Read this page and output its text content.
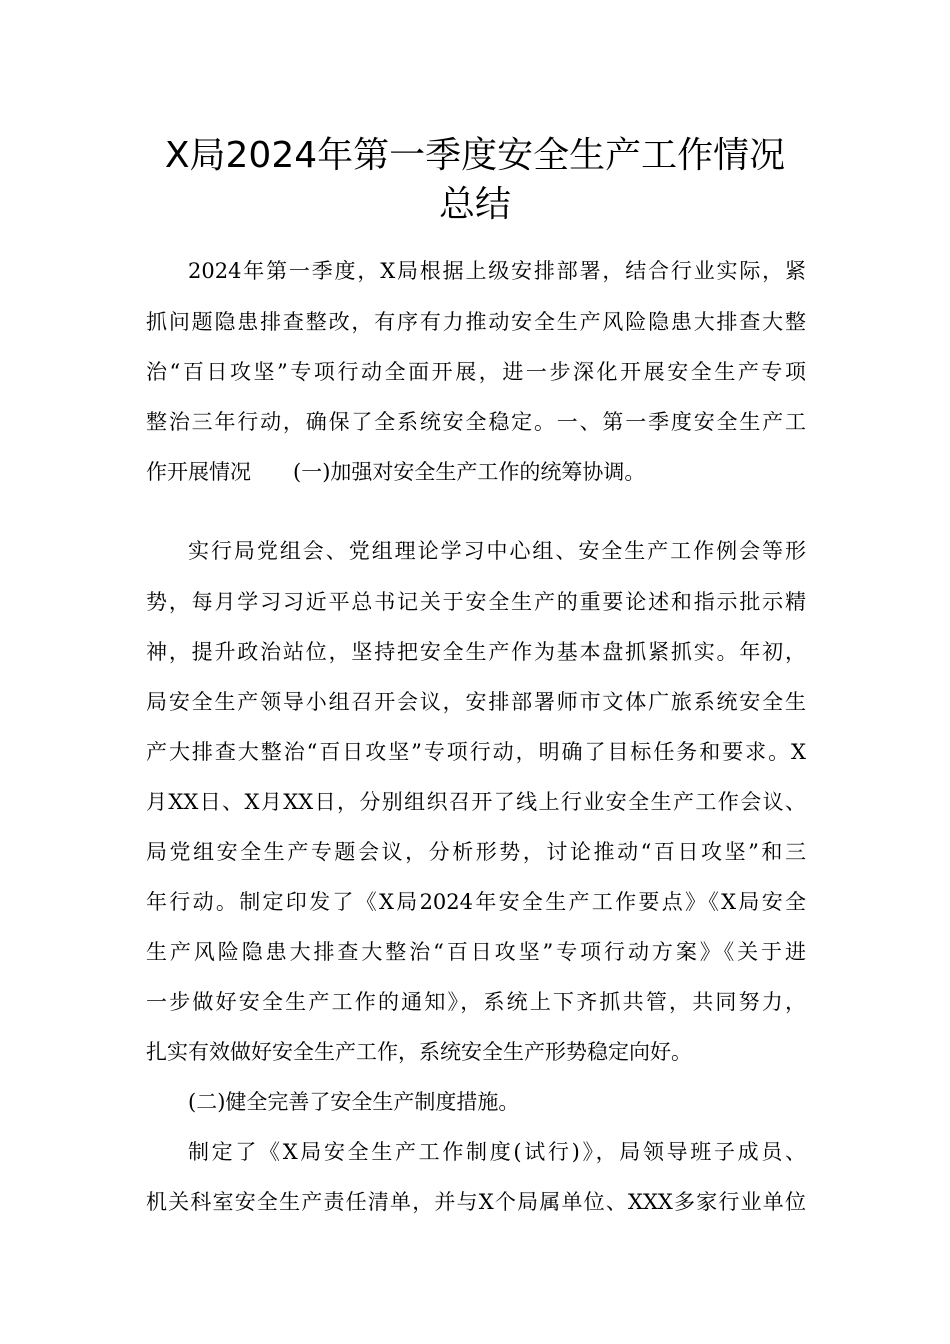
X局2024年第一季度安全生产工作情况
总结
2024年第一季度，X局根据上级安排部署，结合行业实际，紧
抓问题隐患排查整改，有序有力推动安全生产风险隐患大排查大整
治“百日攻坚”专项行动全面开展，进一步深化开展安全生产专项
整治三年行动，确保了全系统安全稳定。一、第一季度安全生产工
作开展情况　　(一)加强对安全生产工作的统筹协调。
实行局党组会、党组理论学习中心组、安全生产工作例会等形
势，每月学习习近平总书记关于安全生产的重要论述和指示批示精
神，提升政治站位，坚持把安全生产作为基本盘抓紧抓实。年初，
局安全生产领导小组召开会议，安排部署师市文体广旅系统安全生
产大排查大整治“百日攻坚”专项行动，明确了目标任务和要求。X
月XX日、X月XX日，分别组织召开了线上行业安全生产工作会议、
局党组安全生产专题会议，分析形势，讨论推动“百日攻坚”和三
年行动。制定印发了《X局2024年安全生产工作要点》《X局安全
生产风险隐患大排查大整治“百日攻坚”专项行动方案》《关于进
一步做好安全生产工作的通知》，系统上下齐抓共管，共同努力，
扎实有效做好安全生产工作，系统安全生产形势稳定向好。
(二)健全完善了安全生产制度措施。
制定了《X局安全生产工作制度(试行)》，局领导班子成员、
机关科室安全生产责任清单，并与X个局属单位、XXX多家行业单位
